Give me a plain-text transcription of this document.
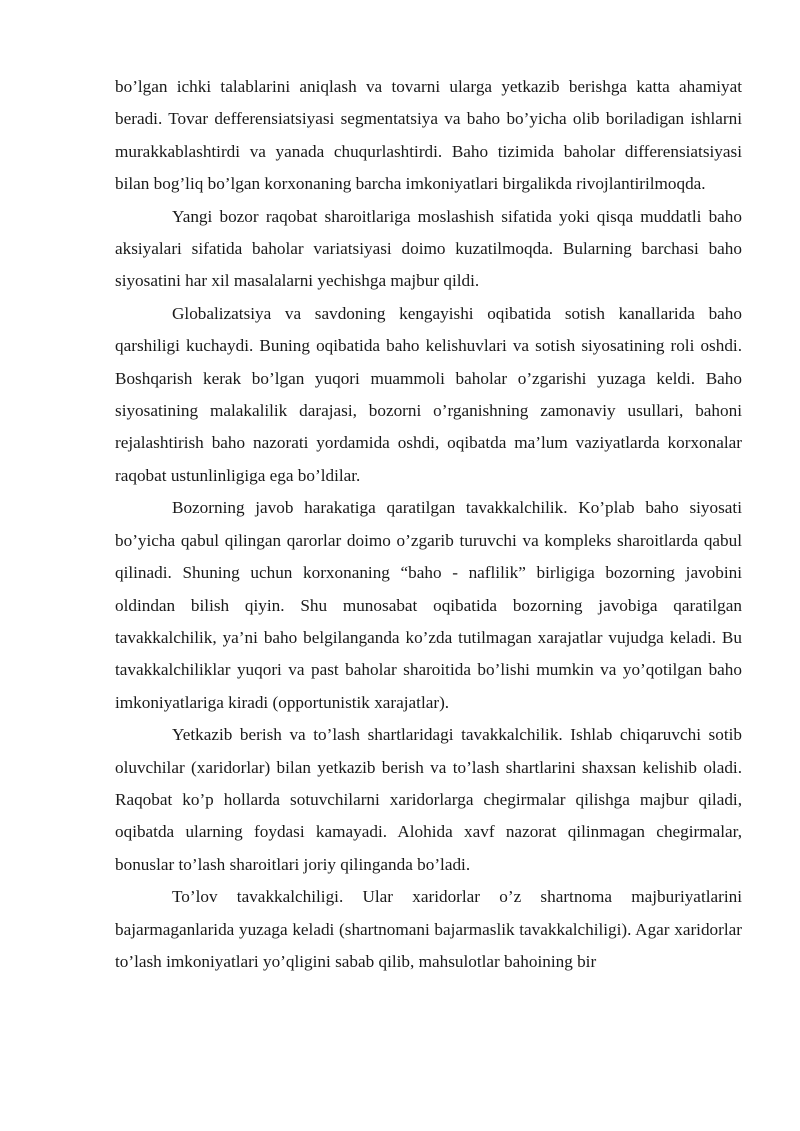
bo’lgan ichki talablarini aniqlash va tovarni ularga yetkazib berishga katta ahamiyat beradi. Tovar defferensiatsiyasi segmentatsiya va baho bo’yicha olib boriladigan ishlarni murakkablashtirdi va yanada chuqurlashtirdi. Baho tizimida baholar differensiatsiyasi bilan bog’liq bo’lgan korxonaning barcha imkoniyatlari birgalikda rivojlantirilmoqda.

Yangi bozor raqobat sharoitlariga moslashish sifatida yoki qisqa muddatli baho aksiyalari sifatida baholar variatsiyasi doimo kuzatilmoqda. Bularning barchasi baho siyosatini har xil masalalarni yechishga majbur qildi.

Globalizatsiya va savdoning kengayishi oqibatida sotish kanallarida baho qarshiligi kuchaydi. Buning oqibatida baho kelishuvlari va sotish siyosatining roli oshdi. Boshqarish kerak bo’lgan yuqori muammoli baholar o’zgarishi yuzaga keldi. Baho siyosatining malakalilik darajasi, bozorni o’rganishning zamonaviy usullari, bahoni rejalashtirish baho nazorati yordamida oshdi, oqibatda ma’lum vaziyatlarda korxonalar raqobat ustunlinligiga ega bo’ldilar.

Bozorning javob harakatiga qaratilgan tavakkalchilik. Ko’plab baho siyosati bo’yicha qabul qilingan qarorlar doimo o’zgarib turuvchi va kompleks sharoitlarda qabul qilinadi. Shuning uchun korxonaning “baho - naflilik” birligiga bozorning javobini oldindan bilish qiyin. Shu munosabat oqibatida bozorning javobiga qaratilgan tavakkalchilik, ya’ni baho belgilanganda ko’zda tutilmagan xarajatlar vujudga keladi. Bu tavakkalchiliklar yuqori va past baholar sharoitida bo’lishi mumkin va yo’qotilgan baho imkoniyatlariga kiradi (opportunistik xarajatlar).

Yetkazib berish va to’lash shartlaridagi tavakkalchilik. Ishlab chiqaruvchi sotib oluvchilar (xaridorlar) bilan yetkazib berish va to’lash shartlarini shaxsan kelishib oladi. Raqobat ko’p hollarda sotuvchilarni xaridorlarga chegirmalar qilishga majbur qiladi, oqibatda ularning foydasi kamayadi. Alohida xavf nazorat qilinmagan chegirmalar, bonuslar to’lash sharoitlari joriy qilinganda bo’ladi.

To’lov tavakkalchiligi. Ular xaridorlar o’z shartnoma majburiyatlarini bajarmaganlarida yuzaga keladi (shartnomani bajarmaslik tavakkalchiligi). Agar xaridorlar to’lash imkoniyatlari yo’qligini sabab qilib, mahsulotlar bahoining bir
